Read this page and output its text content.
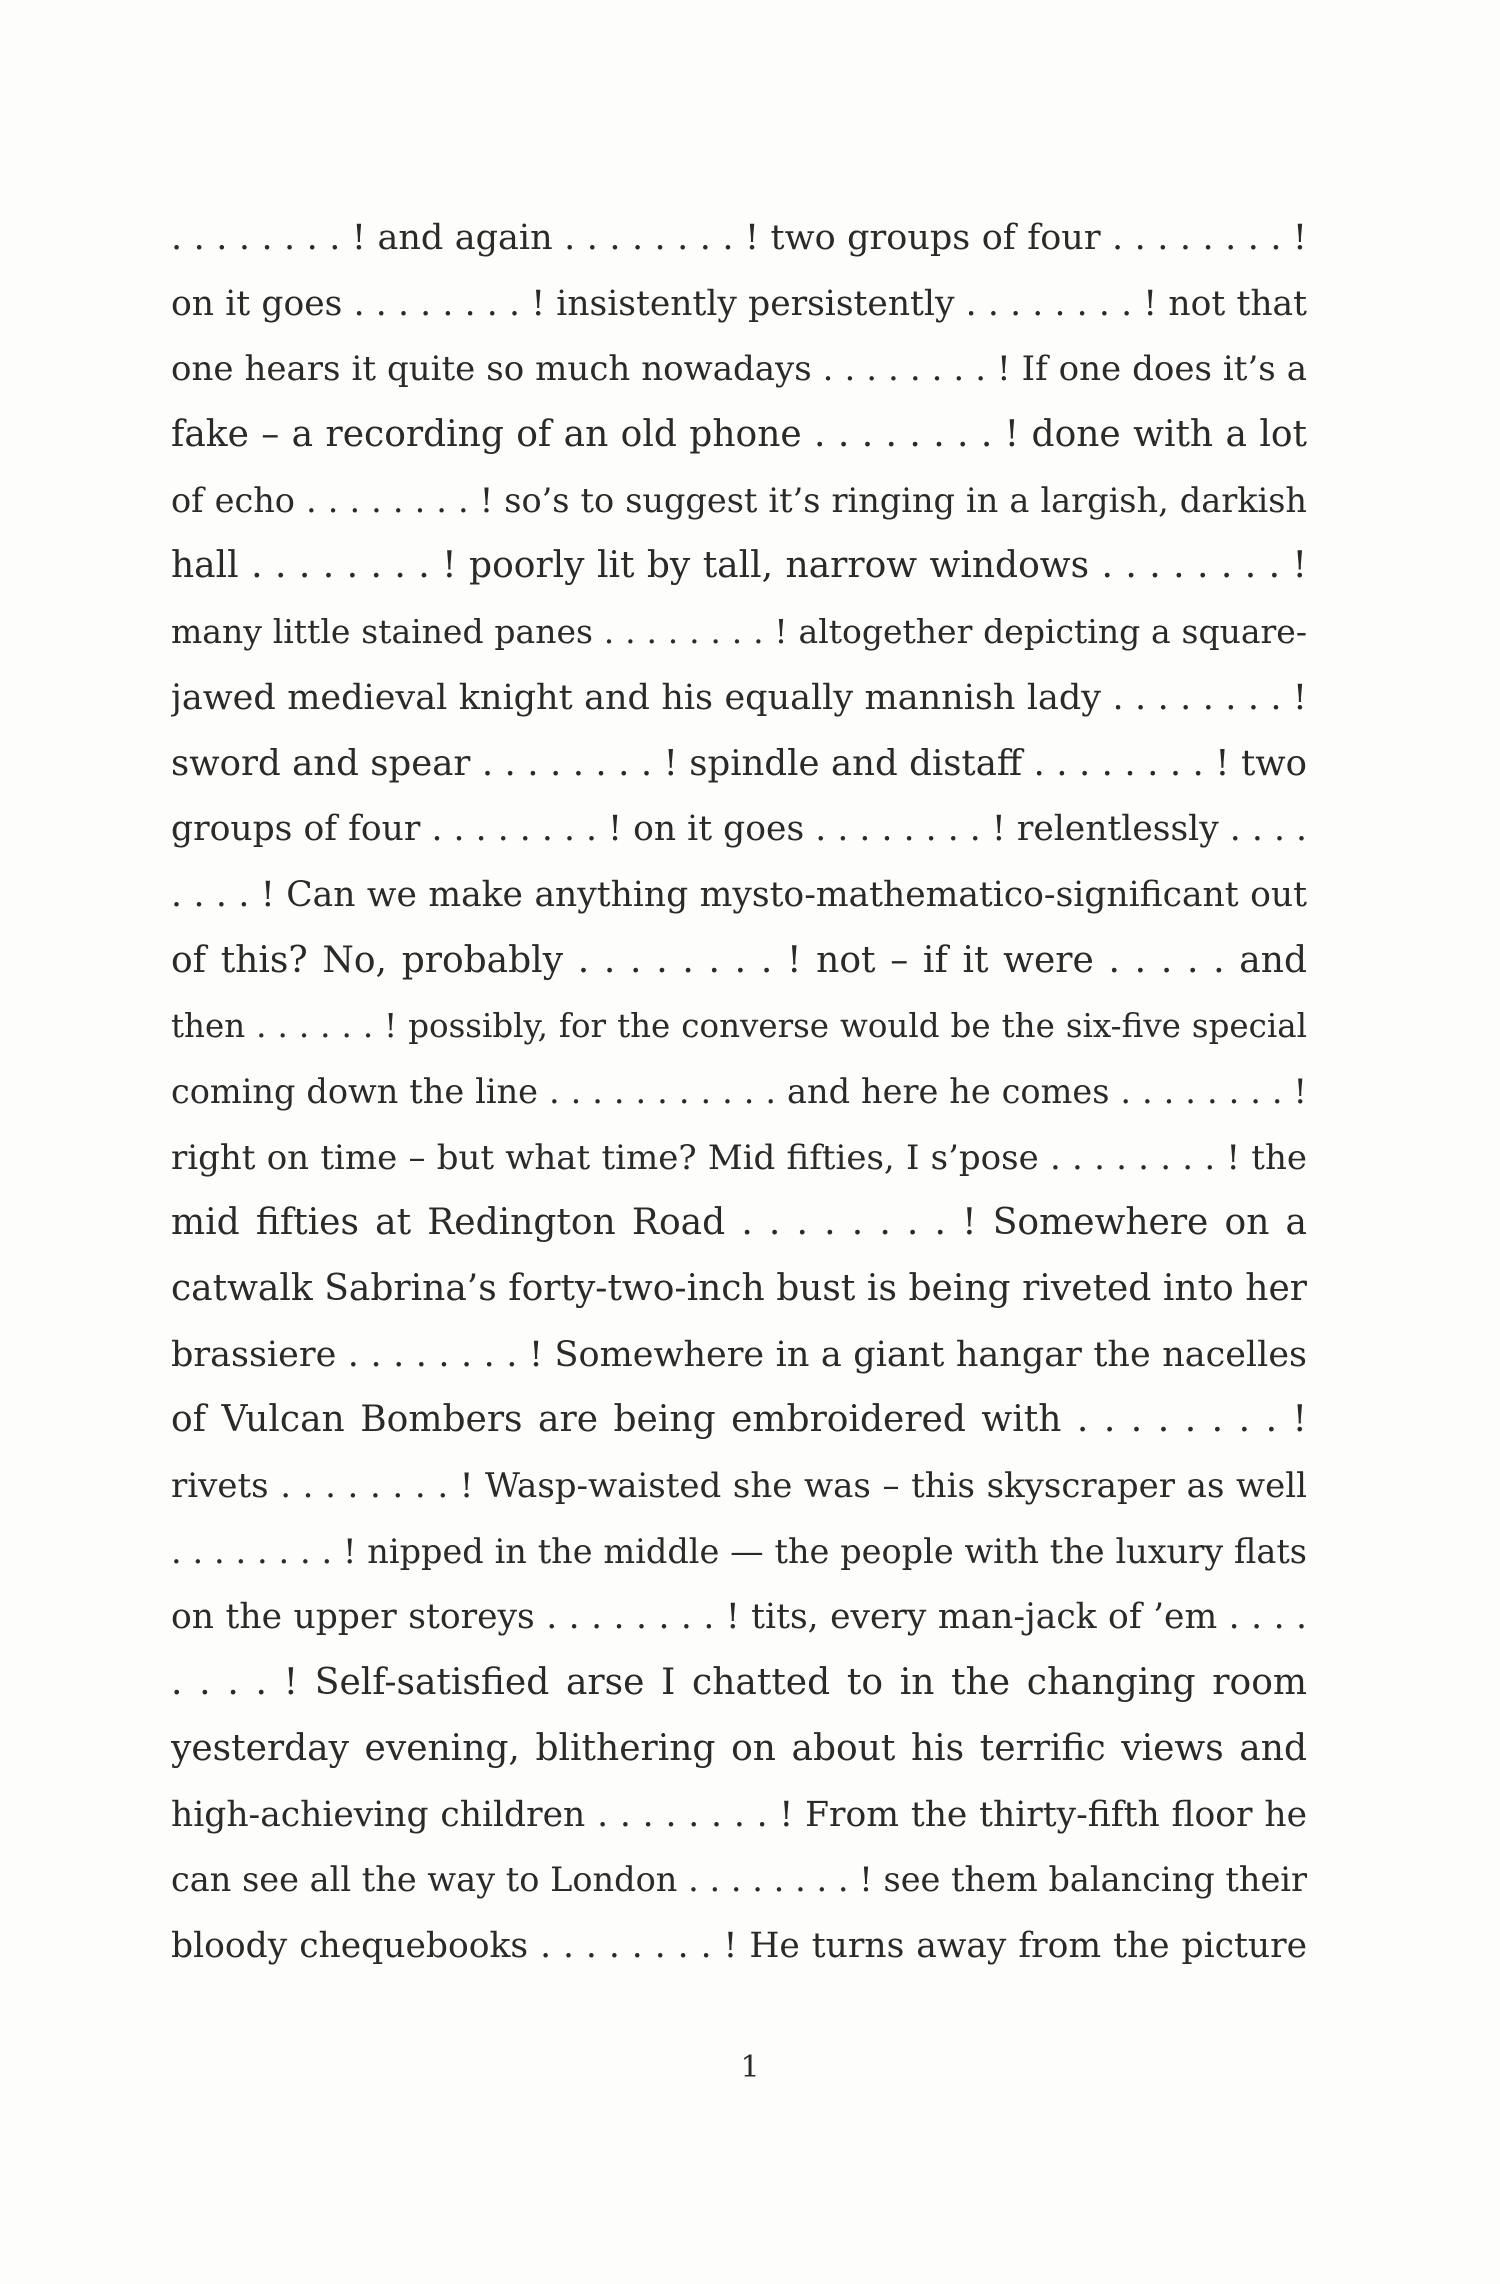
. . . . . . . . ! and again . . . . . . . . ! two groups of four . . . . . . . . !
on it goes . . . . . . . . ! insistently persistently . . . . . . . . ! not that
one hears it quite so much nowadays . . . . . . . . ! If one does it’s a
fake – a recording of an old phone . . . . . . . . ! done with a lot
of echo . . . . . . . . ! so’s to suggest it’s ringing in a largish, darkish
hall . . . . . . . . ! poorly lit by tall, narrow windows . . . . . . . . !
many little stained panes . . . . . . . . ! altogether depicting a square-
jawed medieval knight and his equally mannish lady . . . . . . . . !
sword and spear . . . . . . . . ! spindle and distaff . . . . . . . . ! two
groups of four . . . . . . . . ! on it goes . . . . . . . . ! relentlessly . . . .
. . . . ! Can we make anything mysto-mathematico-significant out
of this? No, probably . . . . . . . . ! not – if it were . . . . . and
then . . . . . . ! possibly, for the converse would be the six-five special
coming down the line . . . . . . . . . . . and here he comes . . . . . . . . !
right on time – but what time? Mid fifties, I s’pose . . . . . . . . ! the
mid fifties at Redington Road . . . . . . . . ! Somewhere on a
catwalk Sabrina’s forty-two-inch bust is being riveted into her
brassiere . . . . . . . . ! Somewhere in a giant hangar the nacelles
of Vulcan Bombers are being embroidered with . . . . . . . . !
rivets . . . . . . . . ! Wasp-waisted she was – this skyscraper as well
. . . . . . . . ! nipped in the middle — the people with the luxury flats
on the upper storeys . . . . . . . . ! tits, every man-jack of ’em . . . .
. . . . ! Self-satisfied arse I chatted to in the changing room
yesterday evening, blithering on about his terrific views and
high-achieving children . . . . . . . . ! From the thirty-fifth floor he
can see all the way to London . . . . . . . . ! see them balancing their
bloody chequebooks . . . . . . . . ! He turns away from the picture
1
